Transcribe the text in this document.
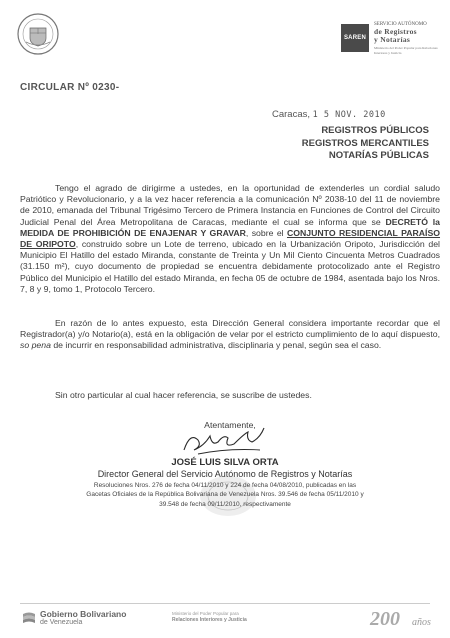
SAREN
SERVICIO AUTÓNOMO
de Registros
y Notarías
Ministerio del Poder Popular para Relaciones Interiores y Justicia
CIRCULAR Nº 0230-
Caracas, 1 5 NOV. 2010
REGISTROS PÚBLICOS
REGISTROS MERCANTILES
NOTARÍAS PÚBLICAS
Tengo el agrado de dirigirme a ustedes, en la oportunidad de extenderles un cordial saludo Patriótico y Revolucionario, y a la vez hacer referencia a la comunicación Nº 2038-10 del 11 de noviembre de 2010, emanada del Tribunal Trigésimo Tercero de Primera Instancia en Funciones de Control del Circuito Judicial Penal del Área Metropolitana de Caracas, mediante el cual se informa que se DECRETÓ la MEDIDA DE PROHIBICIÓN DE ENAJENAR Y GRAVAR, sobre el CONJUNTO RESIDENCIAL PARAÍSO DE ORIPOTO, construido sobre un Lote de terreno, ubicado en la Urbanización Oripoto, Jurisdicción del Municipio El Hatillo del estado Miranda, constante de Treinta y Un Mil Ciento Cincuenta Metros Cuadrados (31.150 m²), cuyo documento de propiedad se encuentra debidamente protocolizado ante el Registro Público del Municipio el Hatillo del estado Miranda, en fecha 05 de octubre de 1984, asentada bajo los Nros. 7, 8 y 9, tomo 1, Protocolo Tercero.
En razón de lo antes expuesto, esta Dirección General considera importante recordar que el Registrador(a) y/o Notario(a), está en la obligación de velar por el estricto cumplimiento de lo aquí dispuesto, so pena de incurrir en responsabilidad administrativa, disciplinaria y penal, según sea el caso.
Sin otro particular al cual hacer referencia, se suscribe de ustedes.
Atentamente,
JOSÉ LUIS SILVA ORTA
Director General del Servicio Autónomo de Registros y Notarías
Resoluciones Nros. 276 de fecha 04/11/2010 y 224 de fecha 04/08/2010, publicadas en las
Gacetas Oficiales de la República Bolivariana de Venezuela Nros. 39.546 de fecha 05/11/2010 y
39.548 de fecha 09/11/2010, respectivamente
Gobierno Bolivariano
de Venezuela
Ministerio del Poder Popular para
Relaciones Interiores y Justicia	200 años
